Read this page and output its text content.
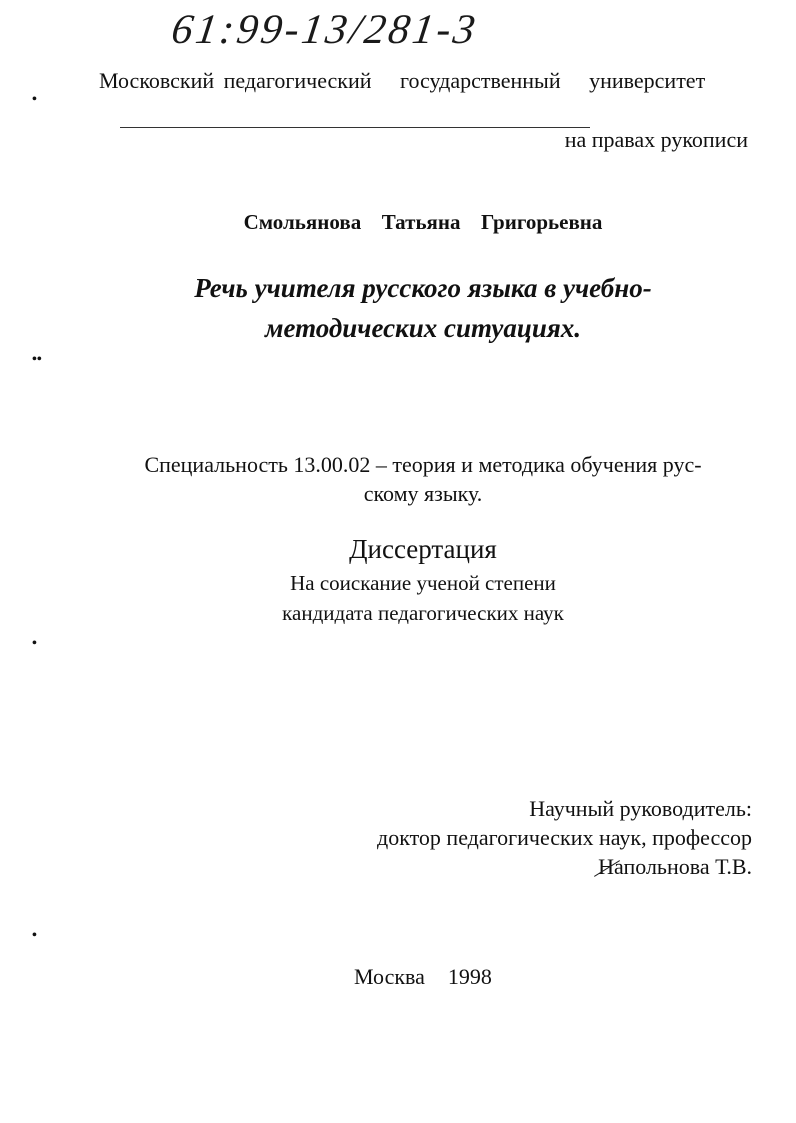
61:99-13/281-3
Московский педагогический   государственный   университет
на правах рукописи
Смольянова  Татьяна  Григорьевна
Речь учителя русского языка в учебно-
методических ситуациях.
Специальность 13.00.02 – теория и методика обучения рус-
скому языку.
Диссертация
На соискание ученой степени
кандидата педагогических наук
Научный руководитель:
доктор педагогических наук, профессор
Напольнова Т.В.
Москва  1998
•
••
•
•
